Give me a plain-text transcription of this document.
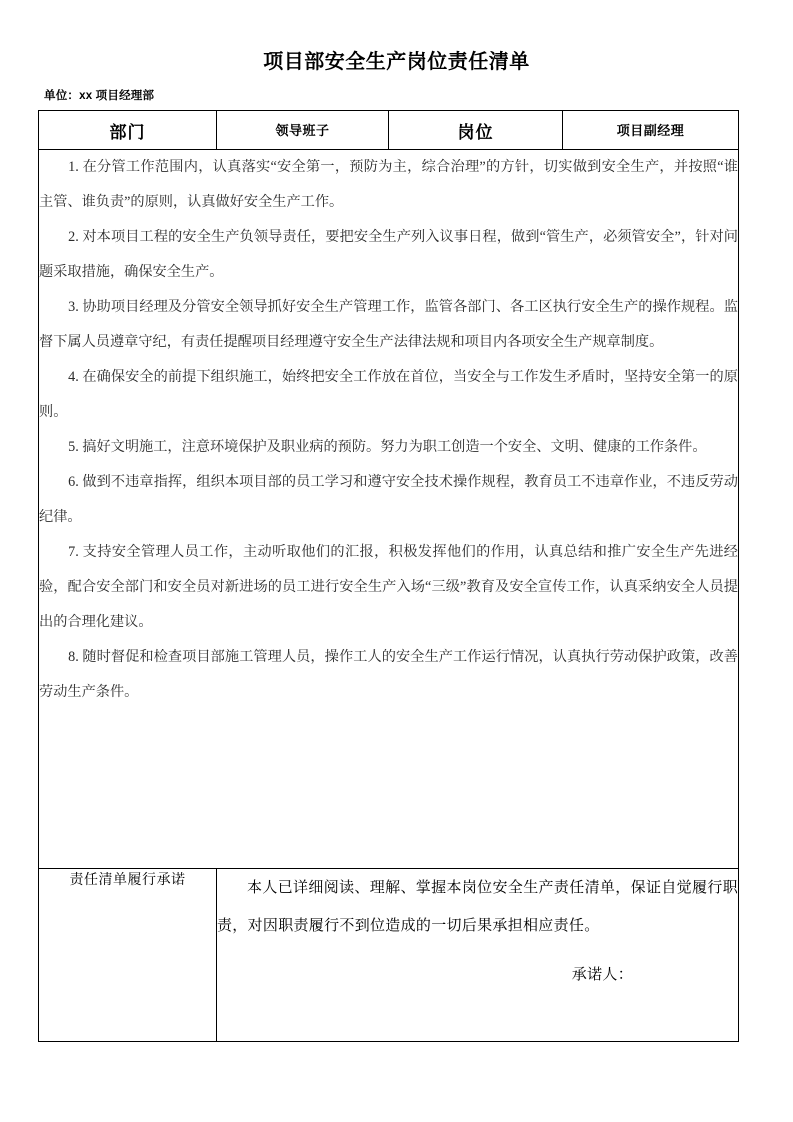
项目部安全生产岗位责任清单
单位：xx 项目经理部
部门	领导班子	岗位	项目副经理

1. 在分管工作范围内，认真落实“安全第一，预防为主，综合治理”的方针，切实做到安全生产，并按照“谁主管、谁负责”的原则，认真做好安全生产工作。

2. 对本项目工程的安全生产负领导责任，要把安全生产列入议事日程，做到“管生产，必须管安全”，针对问题采取措施，确保安全生产。

3. 协助项目经理及分管安全领导抓好安全生产管理工作，监管各部门、各工区执行安全生产的操作规程。监督下属人员遵章守纪，有责任提醒项目经理遵守安全生产法律法规和项目内各项安全生产规章制度。

4. 在确保安全的前提下组织施工，始终把安全工作放在首位，当安全与工作发生矛盾时，坚持安全第一的原则。

5. 搞好文明施工，注意环境保护及职业病的预防。努力为职工创造一个安全、文明、健康的工作条件。

6. 做到不违章指挥，组织本项目部的员工学习和遵守安全技术操作规程，教育员工不违章作业，不违反劳动纪律。

7. 支持安全管理人员工作，主动听取他们的汇报，积极发挥他们的作用，认真总结和推广安全生产先进经验，配合安全部门和安全员对新进场的员工进行安全生产入场“三级”教育及安全宣传工作，认真采纳安全人员提出的合理化建议。

8. 随时督促和检查项目部施工管理人员，操作工人的安全生产工作运行情况，认真执行劳动保护政策，改善劳动生产条件。

责任清单履行承诺	本人已详细阅读、理解、掌握本岗位安全生产责任清单，保证自觉履行职责，对因职责履行不到位造成的一切后果承担相应责任。
承诺人：		
